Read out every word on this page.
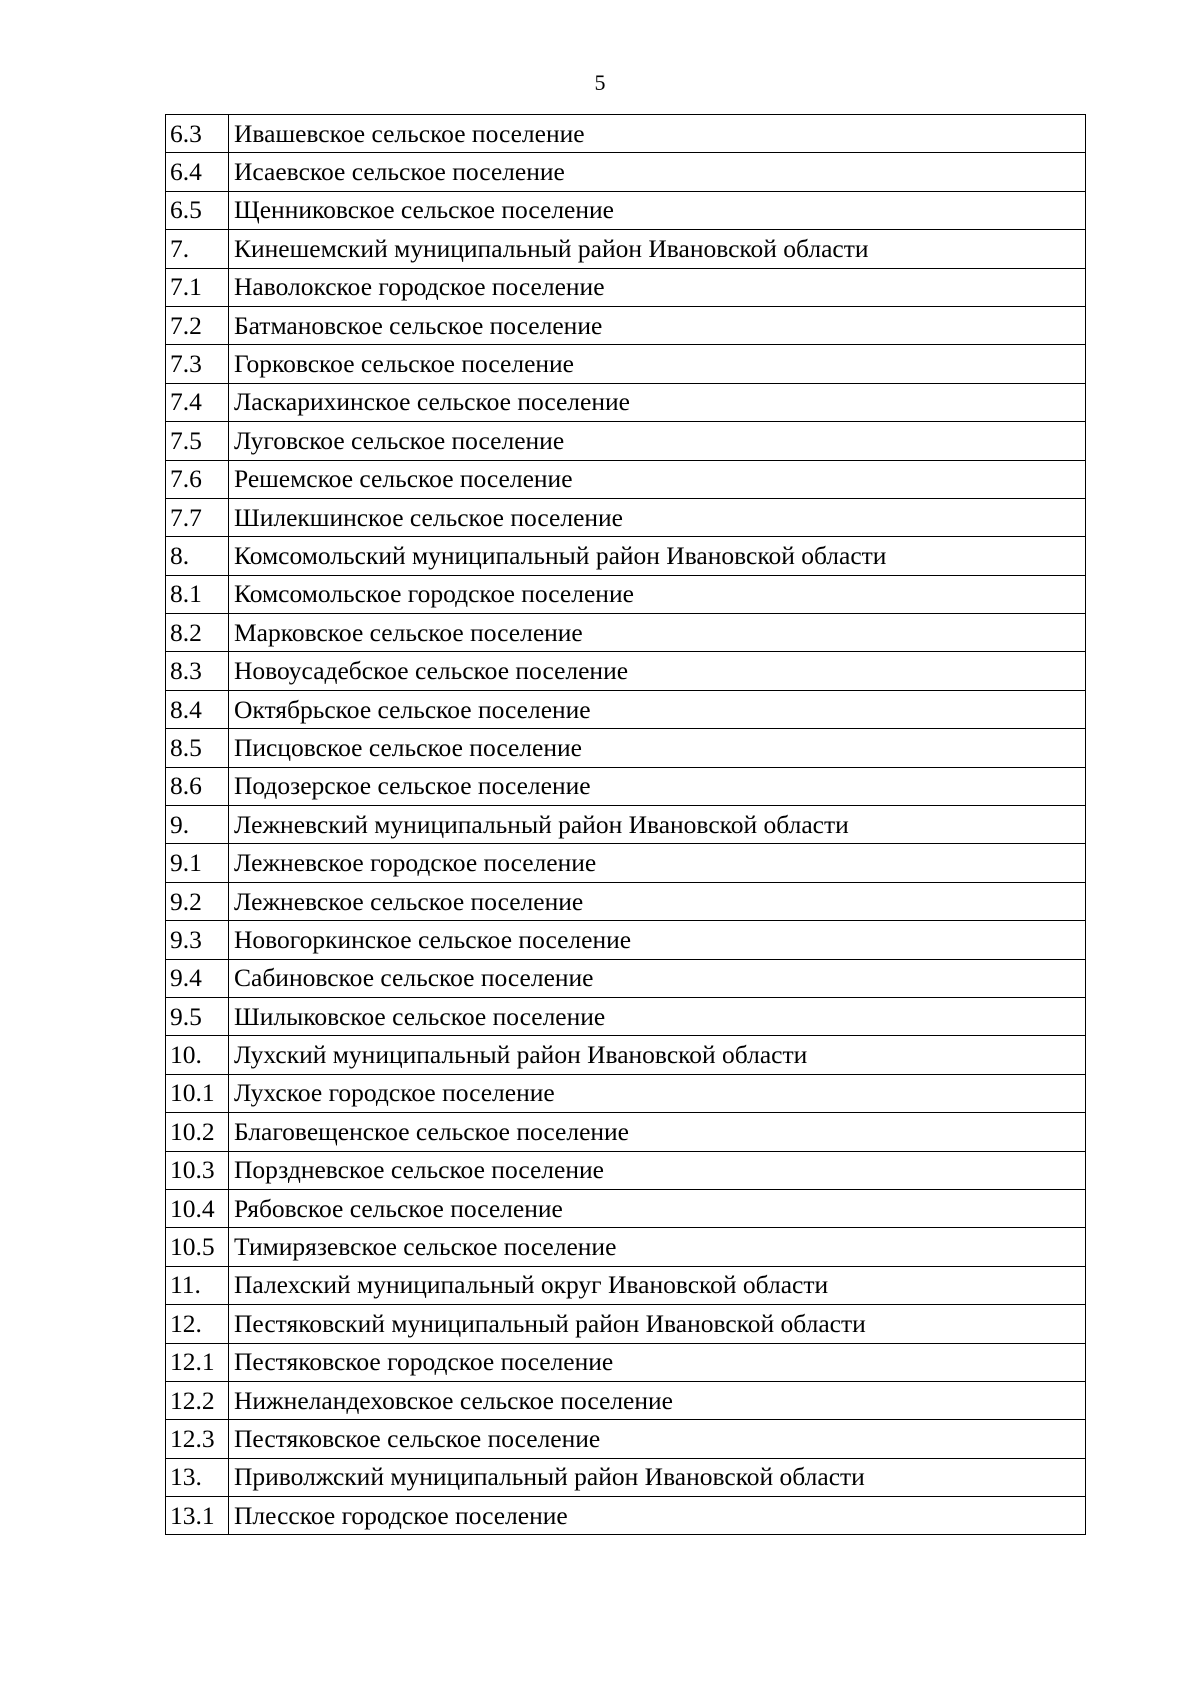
5
6.3	Ивашевское сельское поселение
6.4	Исаевское сельское поселение
6.5	Щенниковское сельское поселение
7.	Кинешемский муниципальный район Ивановской области
7.1	Наволокское городское поселение
7.2	Батмановское сельское поселение
7.3	Горковское сельское поселение
7.4	Ласкарихинское сельское поселение
7.5	Луговское сельское поселение
7.6	Решемское сельское поселение
7.7	Шилекшинское сельское поселение
8.	Комсомольский муниципальный район Ивановской области
8.1	Комсомольское городское поселение
8.2	Марковское сельское поселение
8.3	Новоусадебское сельское поселение
8.4	Октябрьское сельское поселение
8.5	Писцовское сельское поселение
8.6	Подозерское сельское поселение
9.	Лежневский муниципальный район Ивановской области
9.1	Лежневское городское поселение
9.2	Лежневское сельское поселение
9.3	Новогоркинское сельское поселение
9.4	Сабиновское сельское поселение
9.5	Шилыковское сельское поселение
10.	Лухский муниципальный район Ивановской области
10.1	Лухское городское поселение
10.2	Благовещенское сельское поселение
10.3	Порздневское сельское поселение
10.4	Рябовское сельское поселение
10.5	Тимирязевское сельское поселение
11.	Палехский муниципальный округ Ивановской области
12.	Пестяковский муниципальный район Ивановской области
12.1	Пестяковское городское поселение
12.2	Нижнеландеховское сельское поселение
12.3	Пестяковское сельское поселение
13.	Приволжский муниципальный район Ивановской области
13.1	Плесское городское поселение
